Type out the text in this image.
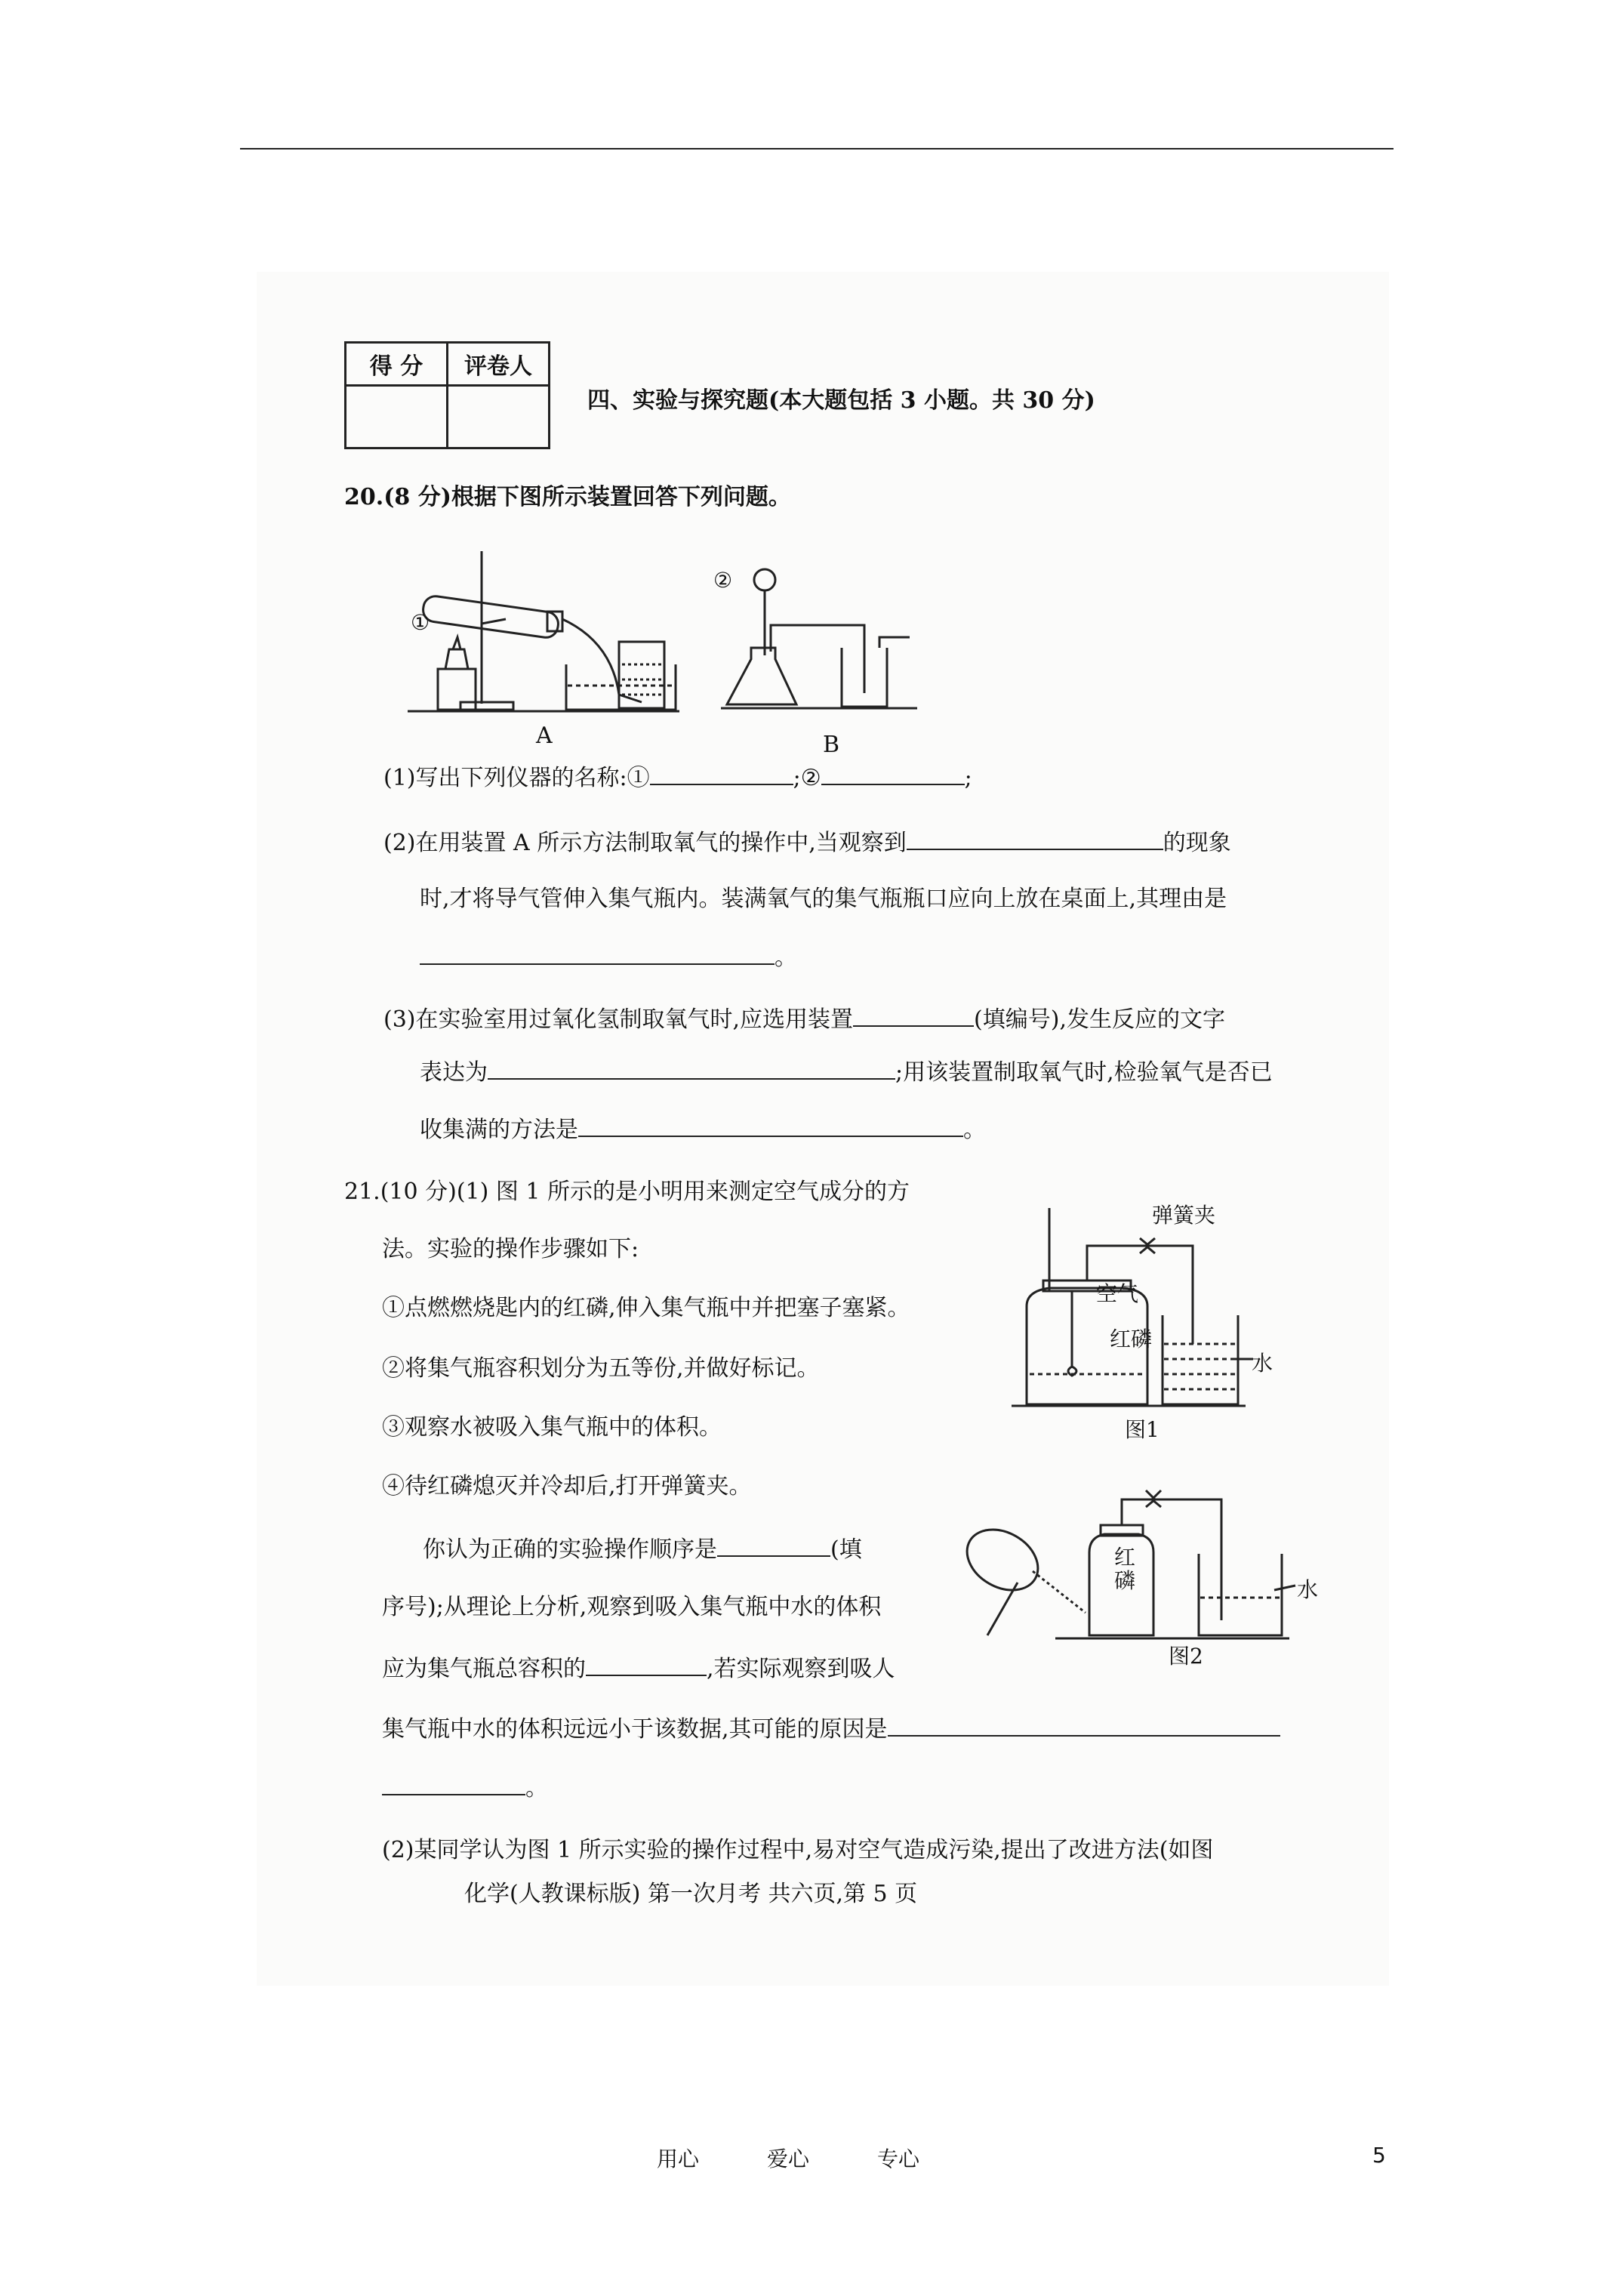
得 分	评卷人

四、实验与探究题(本大题包括 3 小题。共 30 分)
20.(8 分)根据下图所示装置回答下列问题。
①
A
②
B
(1)写出下列仪器的名称:①	;②	;
(2)在用装置 A 所示方法制取氧气的操作中,当观察到	的现象
时,才将导气管伸入集气瓶内。装满氧气的集气瓶瓶口应向上放在桌面上,其理由是
。
(3)在实验室用过氧化氢制取氧气时,应选用装置	(填编号),发生反应的文字
表达为	;用该装置制取氧气时,检验氧气是否已
收集满的方法是	。
21.(10 分)(1) 图 1 所示的是小明用来测定空气成分的方
法。实验的操作步骤如下:
①点燃燃烧匙内的红磷,伸入集气瓶中并把塞子塞紧。
②将集气瓶容积划分为五等份,并做好标记。
③观察水被吸入集气瓶中的体积。
④待红磷熄灭并冷却后,打开弹簧夹。
你认为正确的实验操作顺序是	(填
序号);从理论上分析,观察到吸入集气瓶中水的体积
应为集气瓶总容积的	,若实际观察到吸人
集气瓶中水的体积远远小于该数据,其可能的原因是
。
(2)某同学认为图 1 所示实验的操作过程中,易对空气造成污染,提出了改进方法(如图
弹簧夹
空气
红磷
水
图1
红磷	水
图2
化学(人教课标版) 第一次月考 共六页,第 5 页
用心	爱心	专心	5
